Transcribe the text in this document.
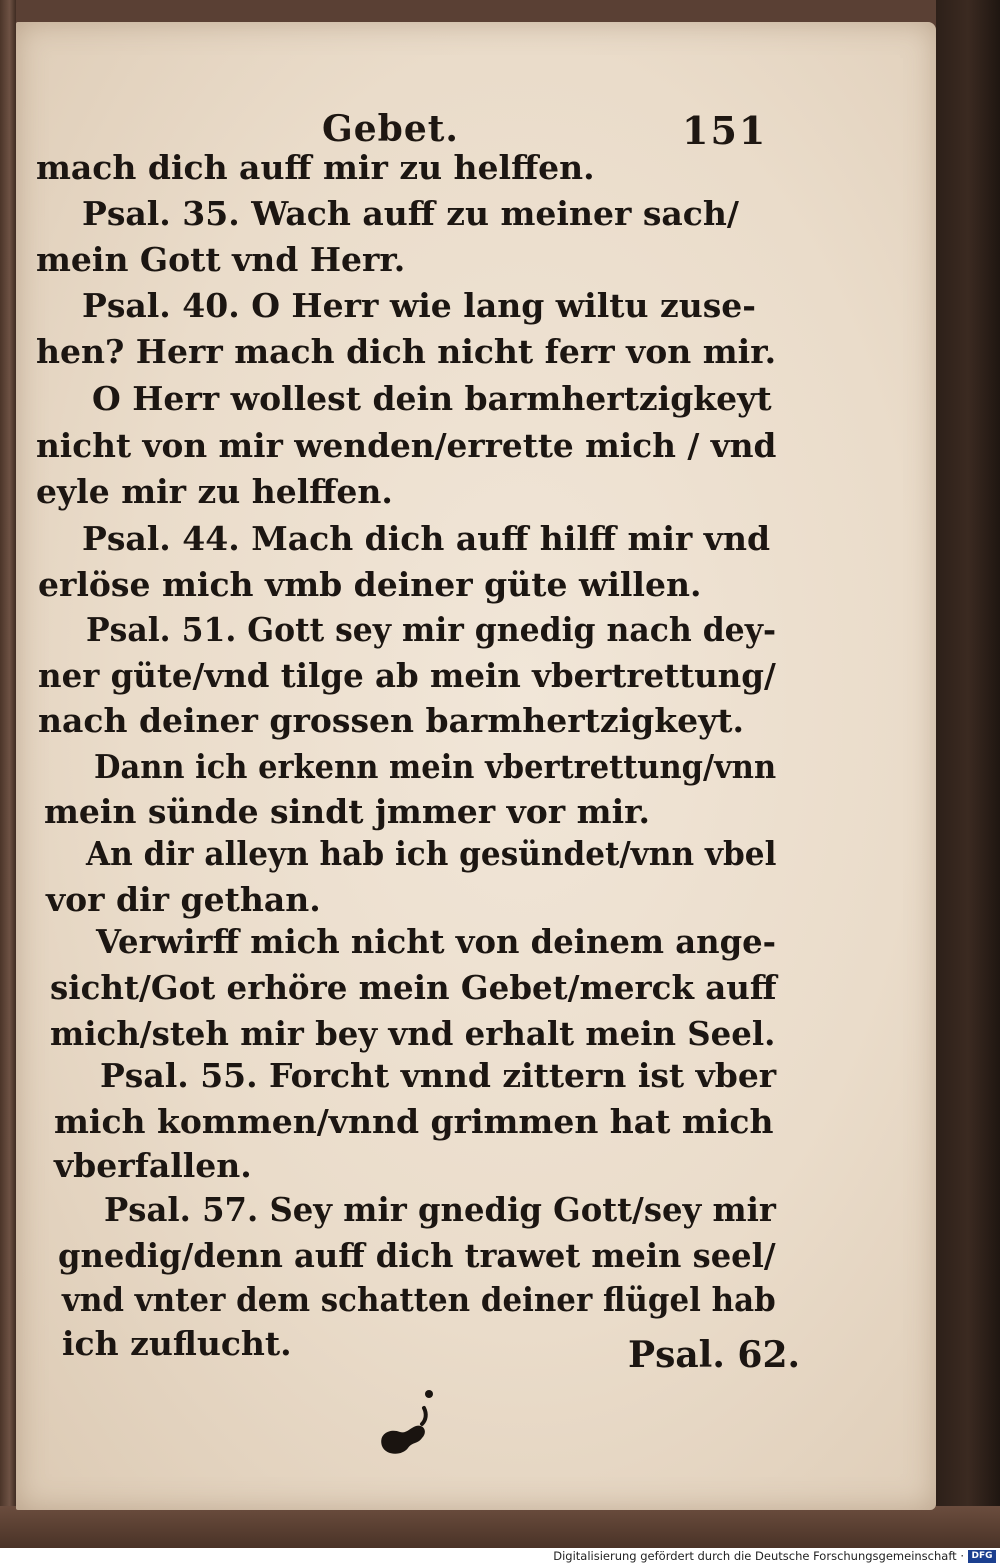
Gebet.	151
mach dich auff mir zu helffen.
Psal. 35. Wach auff zu meiner sach/
mein Gott vnd Herr.
Psal. 40. O Herr wie lang wiltu zuse-
hen? Herr mach dich nicht ferr von mir.
O Herr wollest dein barmhertzigkeyt
nicht von mir wenden/errette mich / vnd
eyle mir zu helffen.
Psal. 44. Mach dich auff hilff mir vnd
erlöse mich vmb deiner güte willen.
Psal. 51. Gott sey mir gnedig nach dey-
ner güte/vnd tilge ab mein vbertrettung/
nach deiner grossen barmhertzigkeyt.
Dann ich erkenn mein vbertrettung/vnn
mein sünde sindt jmmer vor mir.
An dir alleyn hab ich gesündet/vnn vbel
vor dir gethan.
Verwirff mich nicht von deinem ange-
sicht/Got erhöre mein Gebet/merck auff
mich/steh mir bey vnd erhalt mein Seel.
Psal. 55. Forcht vnnd zittern ist vber
mich kommen/vnnd grimmen hat mich
vberfallen.
Psal. 57. Sey mir gnedig Gott/sey mir
gnedig/denn auff dich trawet mein seel/
vnd vnter dem schatten deiner flügel hab
ich zuflucht.	Psal. 62.
Digitalisierung gefördert durch die Deutsche Forschungsgemeinschaft · DFG
